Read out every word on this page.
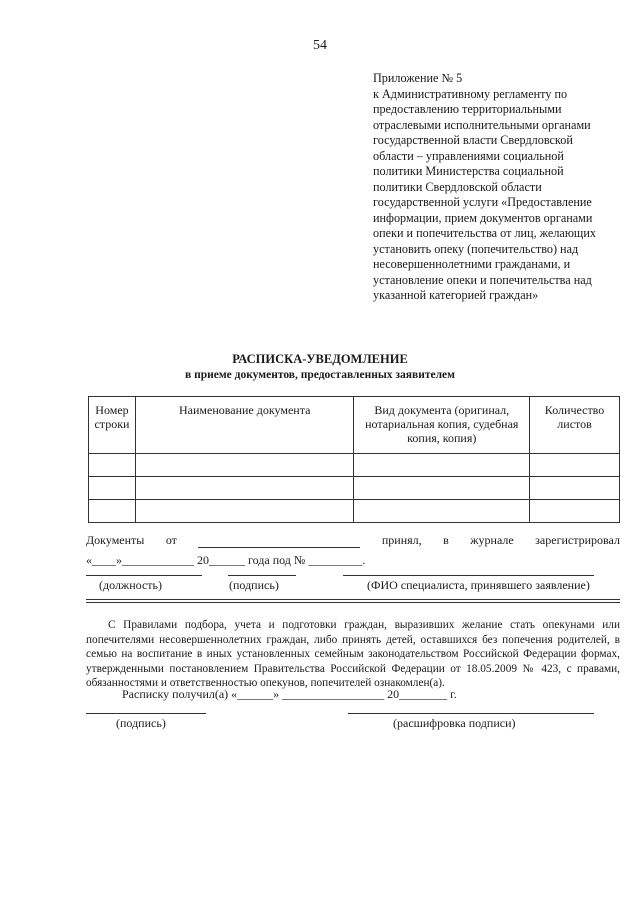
54
Приложение № 5
к Административному регламенту по
предоставлению территориальными
отраслевыми исполнительными органами
государственной власти Свердловской
области – управлениями социальной
политики Министерства социальной
политики Свердловской области
государственной услуги «Предоставление
информации, прием документов органами
опеки и попечительства от лиц, желающих
установить опеку (попечительство) над
несовершеннолетними гражданами, и
установление опеки и попечительства над
указанной категорией граждан»
РАСПИСКА-УВЕДОМЛЕНИЕ
в приеме документов, предоставленных заявителем
Номер строки	Наименование документа	Вид документа (оригинал, нотариальная копия, судебная копия, копия)	Количество листов

Документы от	принял, в журнале зарегистрировал
«____»____________ 20______ года под № _________.
(должность)	(подпись)	(ФИО специалиста, принявшего заявление)
С Правилами подбора, учета и подготовки граждан, выразивших желание стать опекунами или попечителями несовершеннолетних граждан, либо принять детей, оставшихся без попечения родителей, в семью на воспитание в иных установленных семейным законодательством Российской Федерации формах, утвержденными постановлением Правительства Российской Федерации от 18.05.2009 № 423, с правами, обязанностями и ответственностью опекунов, попечителей ознакомлен(а).
Расписку получил(а) «______» _________________ 20________ г.
(подпись)	(расшифровка подписи)
